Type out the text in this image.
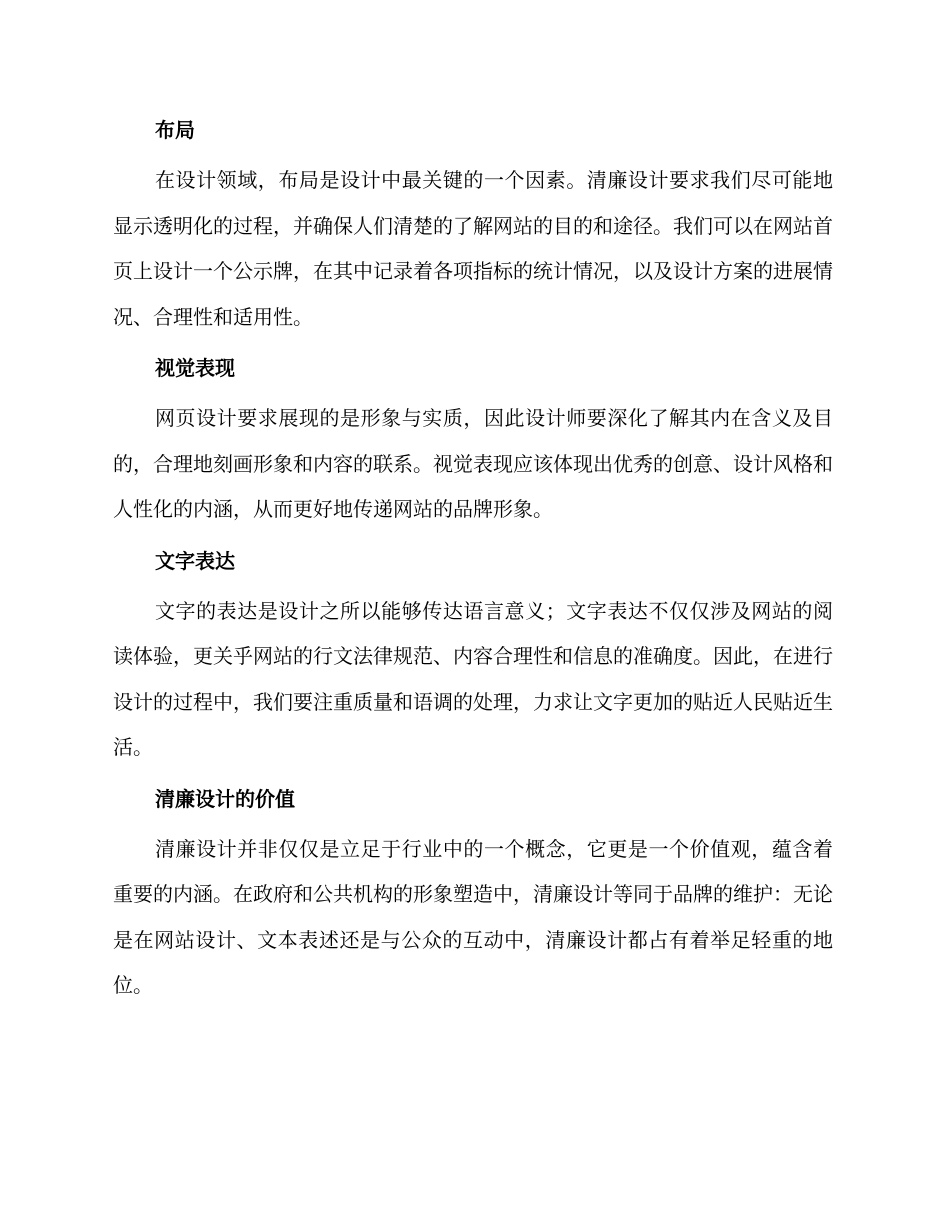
布局

在设计领域，布局是设计中最关键的一个因素。清廉设计要求我们尽可能地显示透明化的过程，并确保人们清楚的了解网站的目的和途径。我们可以在网站首页上设计一个公示牌，在其中记录着各项指标的统计情况，以及设计方案的进展情况、合理性和适用性。

视觉表现

网页设计要求展现的是形象与实质，因此设计师要深化了解其内在含义及目的，合理地刻画形象和内容的联系。视觉表现应该体现出优秀的创意、设计风格和人性化的内涵，从而更好地传递网站的品牌形象。

文字表达

文字的表达是设计之所以能够传达语言意义；文字表达不仅仅涉及网站的阅读体验，更关乎网站的行文法律规范、内容合理性和信息的准确度。因此，在进行设计的过程中，我们要注重质量和语调的处理，力求让文字更加的贴近人民贴近生活。

清廉设计的价值

清廉设计并非仅仅是立足于行业中的一个概念，它更是一个价值观，蕴含着重要的内涵。在政府和公共机构的形象塑造中，清廉设计等同于品牌的维护：无论是在网站设计、文本表述还是与公众的互动中，清廉设计都占有着举足轻重的地位。
